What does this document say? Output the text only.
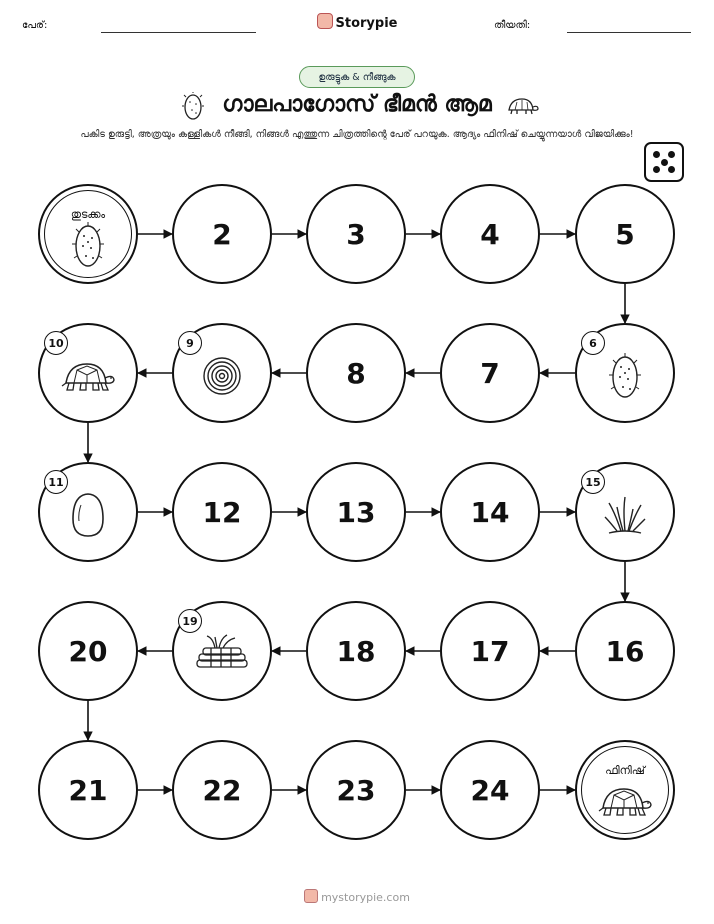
പേര്:	Storypie	തീയതി:
ഉരുട്ടുക & നീങ്ങുക
ഗാലപാഗോസ് ഭീമൻ ആമ
പകിട ഉരുട്ടി, അത്രയും കള്ളികൾ നീങ്ങി, നിങ്ങൾ എത്തുന്ന ചിത്രത്തിന്റെ പേര് പറയുക. ആദ്യം ഫിനിഷ് ചെയ്യുന്നയാൾ വിജയിക്കും!
തുടക്കം
2	3	4	5
10	9
8	7
6
11
12	13	14
15
20
19
18	17	16
21	22	23	24
ഫിനിഷ്
mystorypie.com
